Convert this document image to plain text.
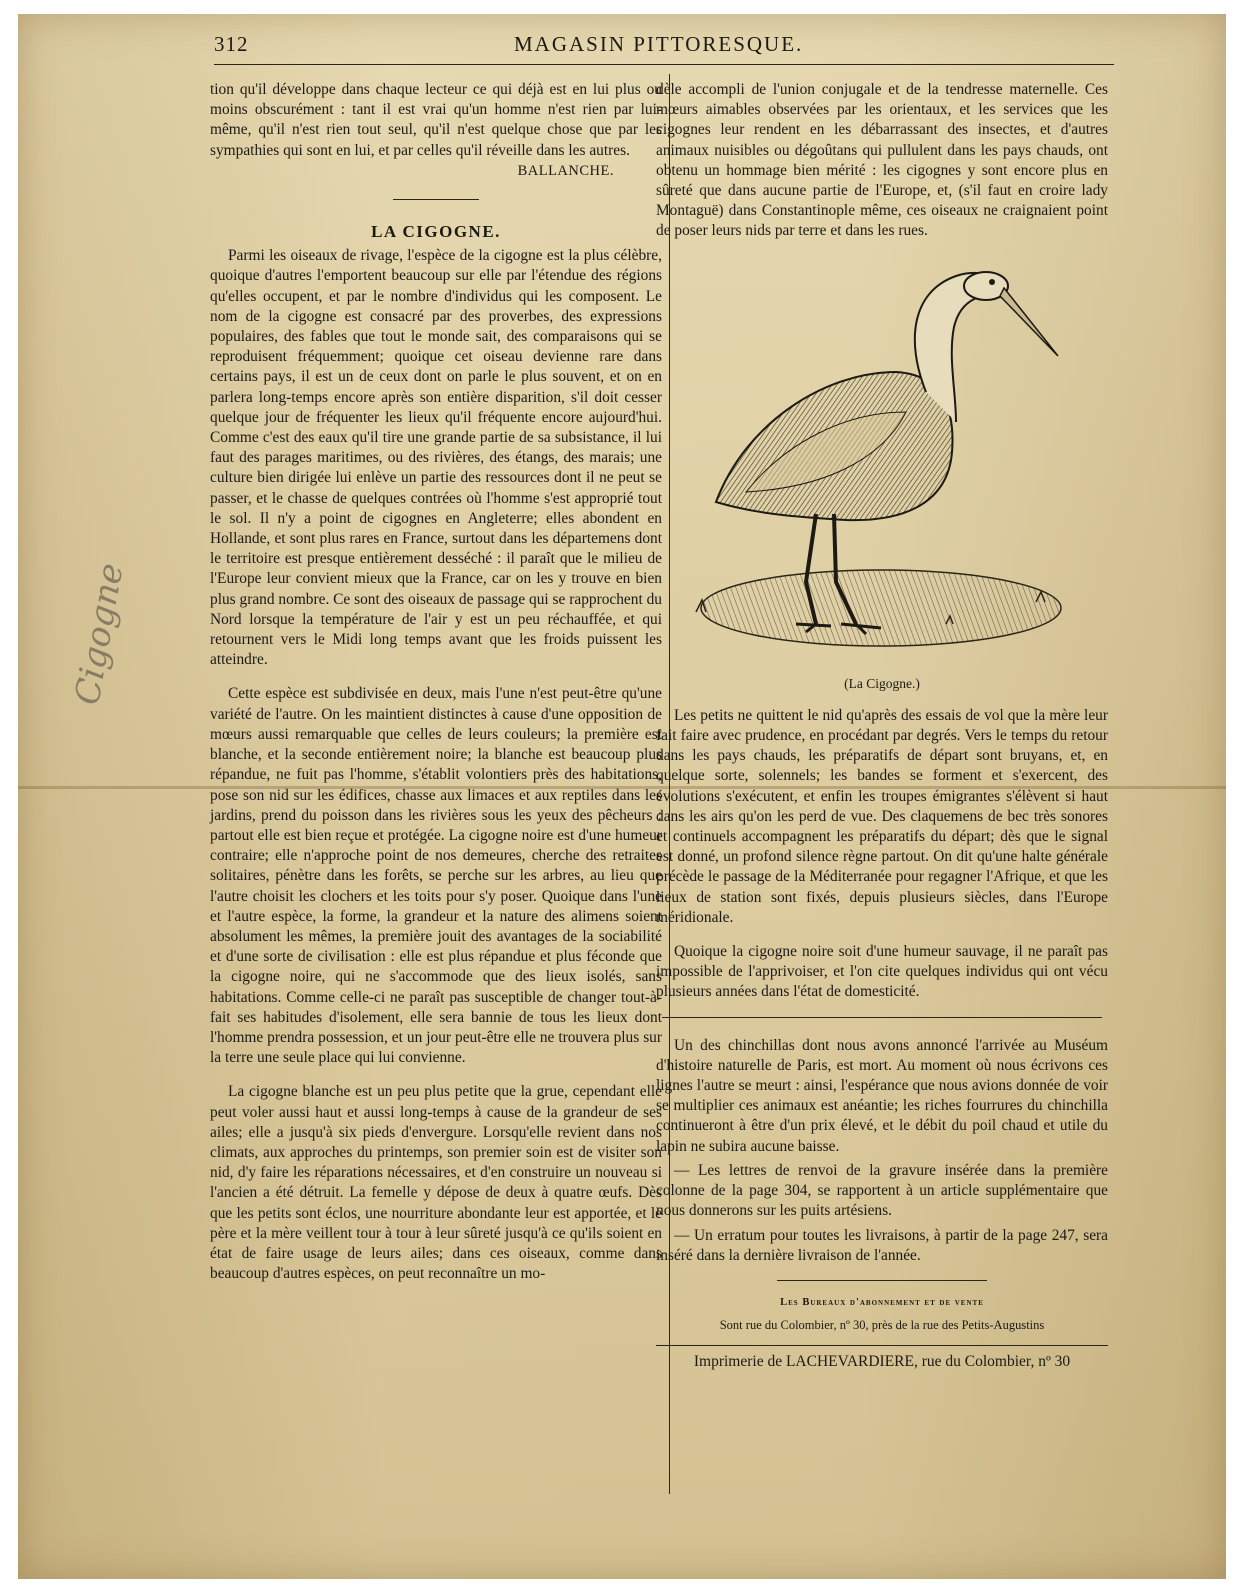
Cigogne
312	MAGASIN PITTORESQUE.

tion qu'il développe dans chaque lecteur ce qui déjà est en lui plus ou moins obscurément : tant il est vrai qu'un homme n'est rien par lui-même, qu'il n'est rien tout seul, qu'il n'est quelque chose que par les sympathies qui sont en lui, et par celles qu'il réveille dans les autres.

BALLANCHE.

LA CIGOGNE.

Parmi les oiseaux de rivage, l'espèce de la cigogne est la plus célèbre, quoique d'autres l'emportent beaucoup sur elle par l'étendue des régions qu'elles occupent, et par le nombre d'individus qui les composent. Le nom de la cigogne est consacré par des proverbes, des expressions populaires, des fables que tout le monde sait, des comparaisons qui se reproduisent fréquemment; quoique cet oiseau devienne rare dans certains pays, il est un de ceux dont on parle le plus souvent, et on en parlera long-temps encore après son entière disparition, s'il doit cesser quelque jour de fréquenter les lieux qu'il fréquente encore aujourd'hui. Comme c'est des eaux qu'il tire une grande partie de sa subsistance, il lui faut des parages maritimes, ou des rivières, des étangs, des marais; une culture bien dirigée lui enlève un partie des ressources dont il ne peut se passer, et le chasse de quelques contrées où l'homme s'est approprié tout le sol. Il n'y a point de cigognes en Angleterre; elles abondent en Hollande, et sont plus rares en France, surtout dans les départemens dont le territoire est presque entièrement desséché : il paraît que le milieu de l'Europe leur convient mieux que la France, car on les y trouve en bien plus grand nombre. Ce sont des oiseaux de passage qui se rapprochent du Nord lorsque la température de l'air y est un peu réchauffée, et qui retournent vers le Midi long temps avant que les froids puissent les atteindre.

Cette espèce est subdivisée en deux, mais l'une n'est peut-être qu'une variété de l'autre. On les maintient distinctes à cause d'une opposition de mœurs aussi remarquable que celles de leurs couleurs; la première est blanche, et la seconde entièrement noire; la blanche est beaucoup plus répandue, ne fuit pas l'homme, s'établit volontiers près des habitations, pose son nid sur les édifices, chasse aux limaces et aux reptiles dans les jardins, prend du poisson dans les rivières sous les yeux des pêcheurs : partout elle est bien reçue et protégée. La cigogne noire est d'une humeur contraire; elle n'approche point de nos demeures, cherche des retraites solitaires, pénètre dans les forêts, se perche sur les arbres, au lieu que l'autre choisit les clochers et les toits pour s'y poser. Quoique dans l'une et l'autre espèce, la forme, la grandeur et la nature des alimens soient absolument les mêmes, la première jouit des avantages de la sociabilité et d'une sorte de civilisation : elle est plus répandue et plus féconde que la cigogne noire, qui ne s'accommode que des lieux isolés, sans habitations. Comme celle-ci ne paraît pas susceptible de changer tout-à-fait ses habitudes d'isolement, elle sera bannie de tous les lieux dont l'homme prendra possession, et un jour peut-être elle ne trouvera plus sur la terre une seule place qui lui convienne.

La cigogne blanche est un peu plus petite que la grue, cependant elle peut voler aussi haut et aussi long-temps à cause de la grandeur de ses ailes; elle a jusqu'à six pieds d'envergure. Lorsqu'elle revient dans nos climats, aux approches du printemps, son premier soin est de visiter son nid, d'y faire les réparations nécessaires, et d'en construire un nouveau si l'ancien a été détruit. La femelle y dépose de deux à quatre œufs. Dès que les petits sont éclos, une nourriture abondante leur est apportée, et le père et la mère veillent tour à tour à leur sûreté jusqu'à ce qu'ils soient en état de faire usage de leurs ailes; dans ces oiseaux, comme dans beaucoup d'autres espèces, on peut reconnaître un mo-

dèle accompli de l'union conjugale et de la tendresse maternelle. Ces mœurs aimables observées par les orientaux, et les services que les cigognes leur rendent en les débarrassant des insectes, et d'autres animaux nuisibles ou dégoûtans qui pullulent dans les pays chauds, ont obtenu un hommage bien mérité : les cigognes y sont encore plus en sûreté que dans aucune partie de l'Europe, et, (s'il faut en croire lady Montaguë) dans Constantinople même, ces oiseaux ne craignaient point de poser leurs nids par terre et dans les rues.

(La Cigogne.)

Les petits ne quittent le nid qu'après des essais de vol que la mère leur fait faire avec prudence, en procédant par degrés. Vers le temps du retour dans les pays chauds, les préparatifs de départ sont bruyans, et, en quelque sorte, solennels; les bandes se forment et s'exercent, des évolutions s'exécutent, et enfin les troupes émigrantes s'élèvent si haut dans les airs qu'on les perd de vue. Des claquemens de bec très sonores et continuels accompagnent les préparatifs du départ; dès que le signal est donné, un profond silence règne partout. On dit qu'une halte générale précède le passage de la Méditerranée pour regagner l'Afrique, et que les lieux de station sont fixés, depuis plusieurs siècles, dans l'Europe méridionale.

Quoique la cigogne noire soit d'une humeur sauvage, il ne paraît pas impossible de l'apprivoiser, et l'on cite quelques individus qui ont vécu plusieurs années dans l'état de domesticité.

Un des chinchillas dont nous avons annoncé l'arrivée au Muséum d'histoire naturelle de Paris, est mort. Au moment où nous écrivons ces lignes l'autre se meurt : ainsi, l'espérance que nous avions donnée de voir se multiplier ces animaux est anéantie; les riches fourrures du chinchilla continueront à être d'un prix élevé, et le débit du poil chaud et utile du lapin ne subira aucune baisse.

— Les lettres de renvoi de la gravure insérée dans la première colonne de la page 304, se rapportent à un article supplémentaire que nous donnerons sur les puits artésiens.

— Un erratum pour toutes les livraisons, à partir de la page 247, sera inséré dans la dernière livraison de l'année.

Les Bureaux d'abonnement et de vente
Sont rue du Colombier, nº 30, près de la rue des Petits-Augustins
Imprimerie de LACHEVARDIERE, rue du Colombier, nº 30
